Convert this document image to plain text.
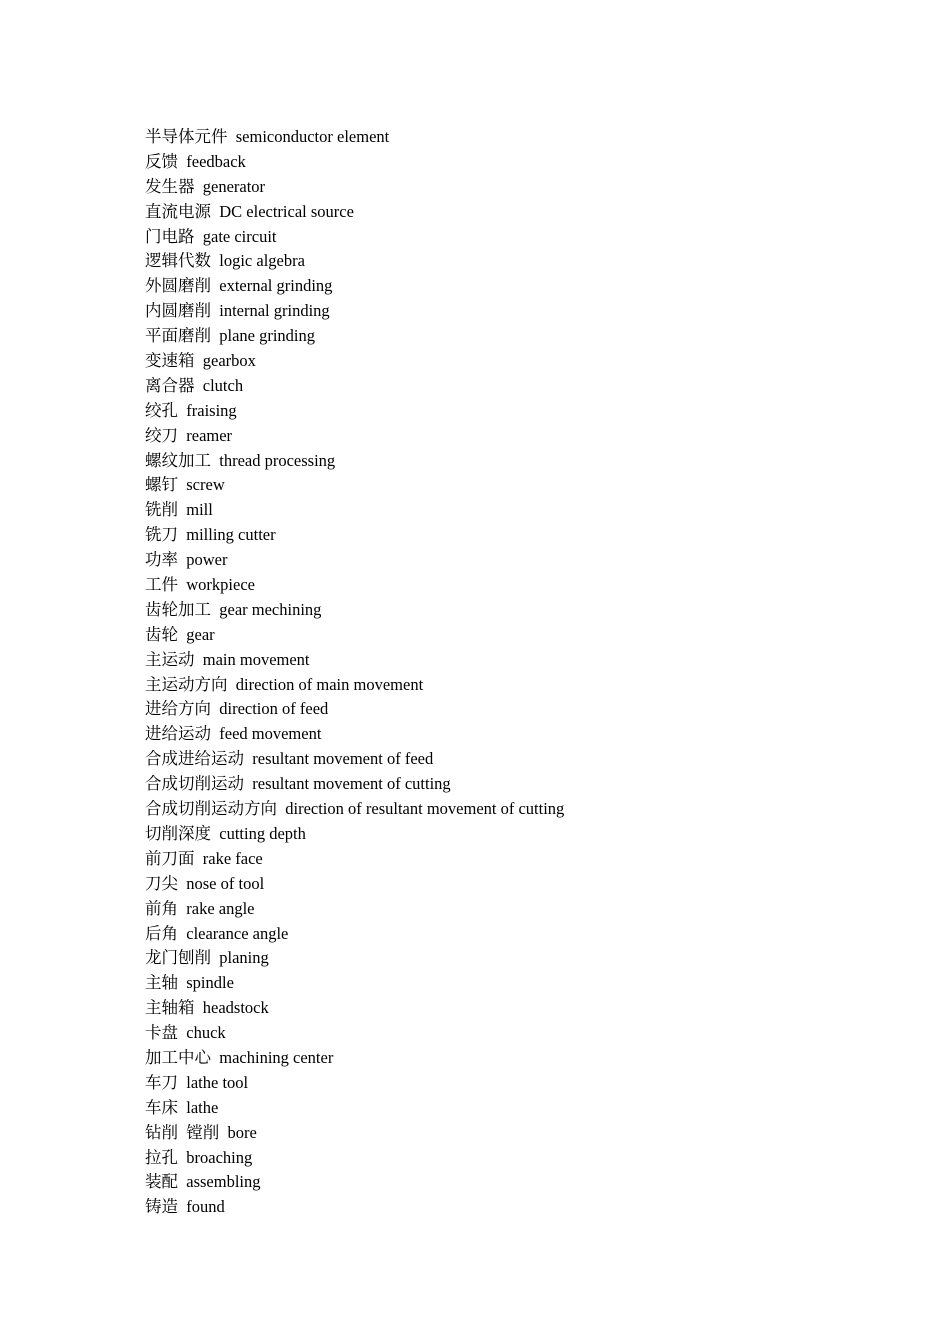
半导体元件  semiconductor element
反馈  feedback
发生器  generator
直流电源  DC electrical source
门电路  gate circuit
逻辑代数  logic algebra
外圆磨削  external grinding
内圆磨削  internal grinding
平面磨削  plane grinding
变速箱  gearbox
离合器  clutch
绞孔  fraising
绞刀  reamer
螺纹加工  thread processing
螺钉  screw
铣削  mill
铣刀  milling cutter
功率  power
工件  workpiece
齿轮加工  gear mechining
齿轮  gear
主运动  main movement
主运动方向  direction of main movement
进给方向  direction of feed
进给运动  feed movement
合成进给运动  resultant movement of feed
合成切削运动  resultant movement of cutting
合成切削运动方向  direction of resultant movement of cutting
切削深度  cutting depth
前刀面  rake face
刀尖  nose of tool
前角  rake angle
后角  clearance angle
龙门刨削  planing
主轴  spindle
主轴箱  headstock
卡盘  chuck
加工中心  machining center
车刀  lathe tool
车床  lathe
钻削  镗削  bore
拉孔  broaching
装配  assembling
铸造  found
